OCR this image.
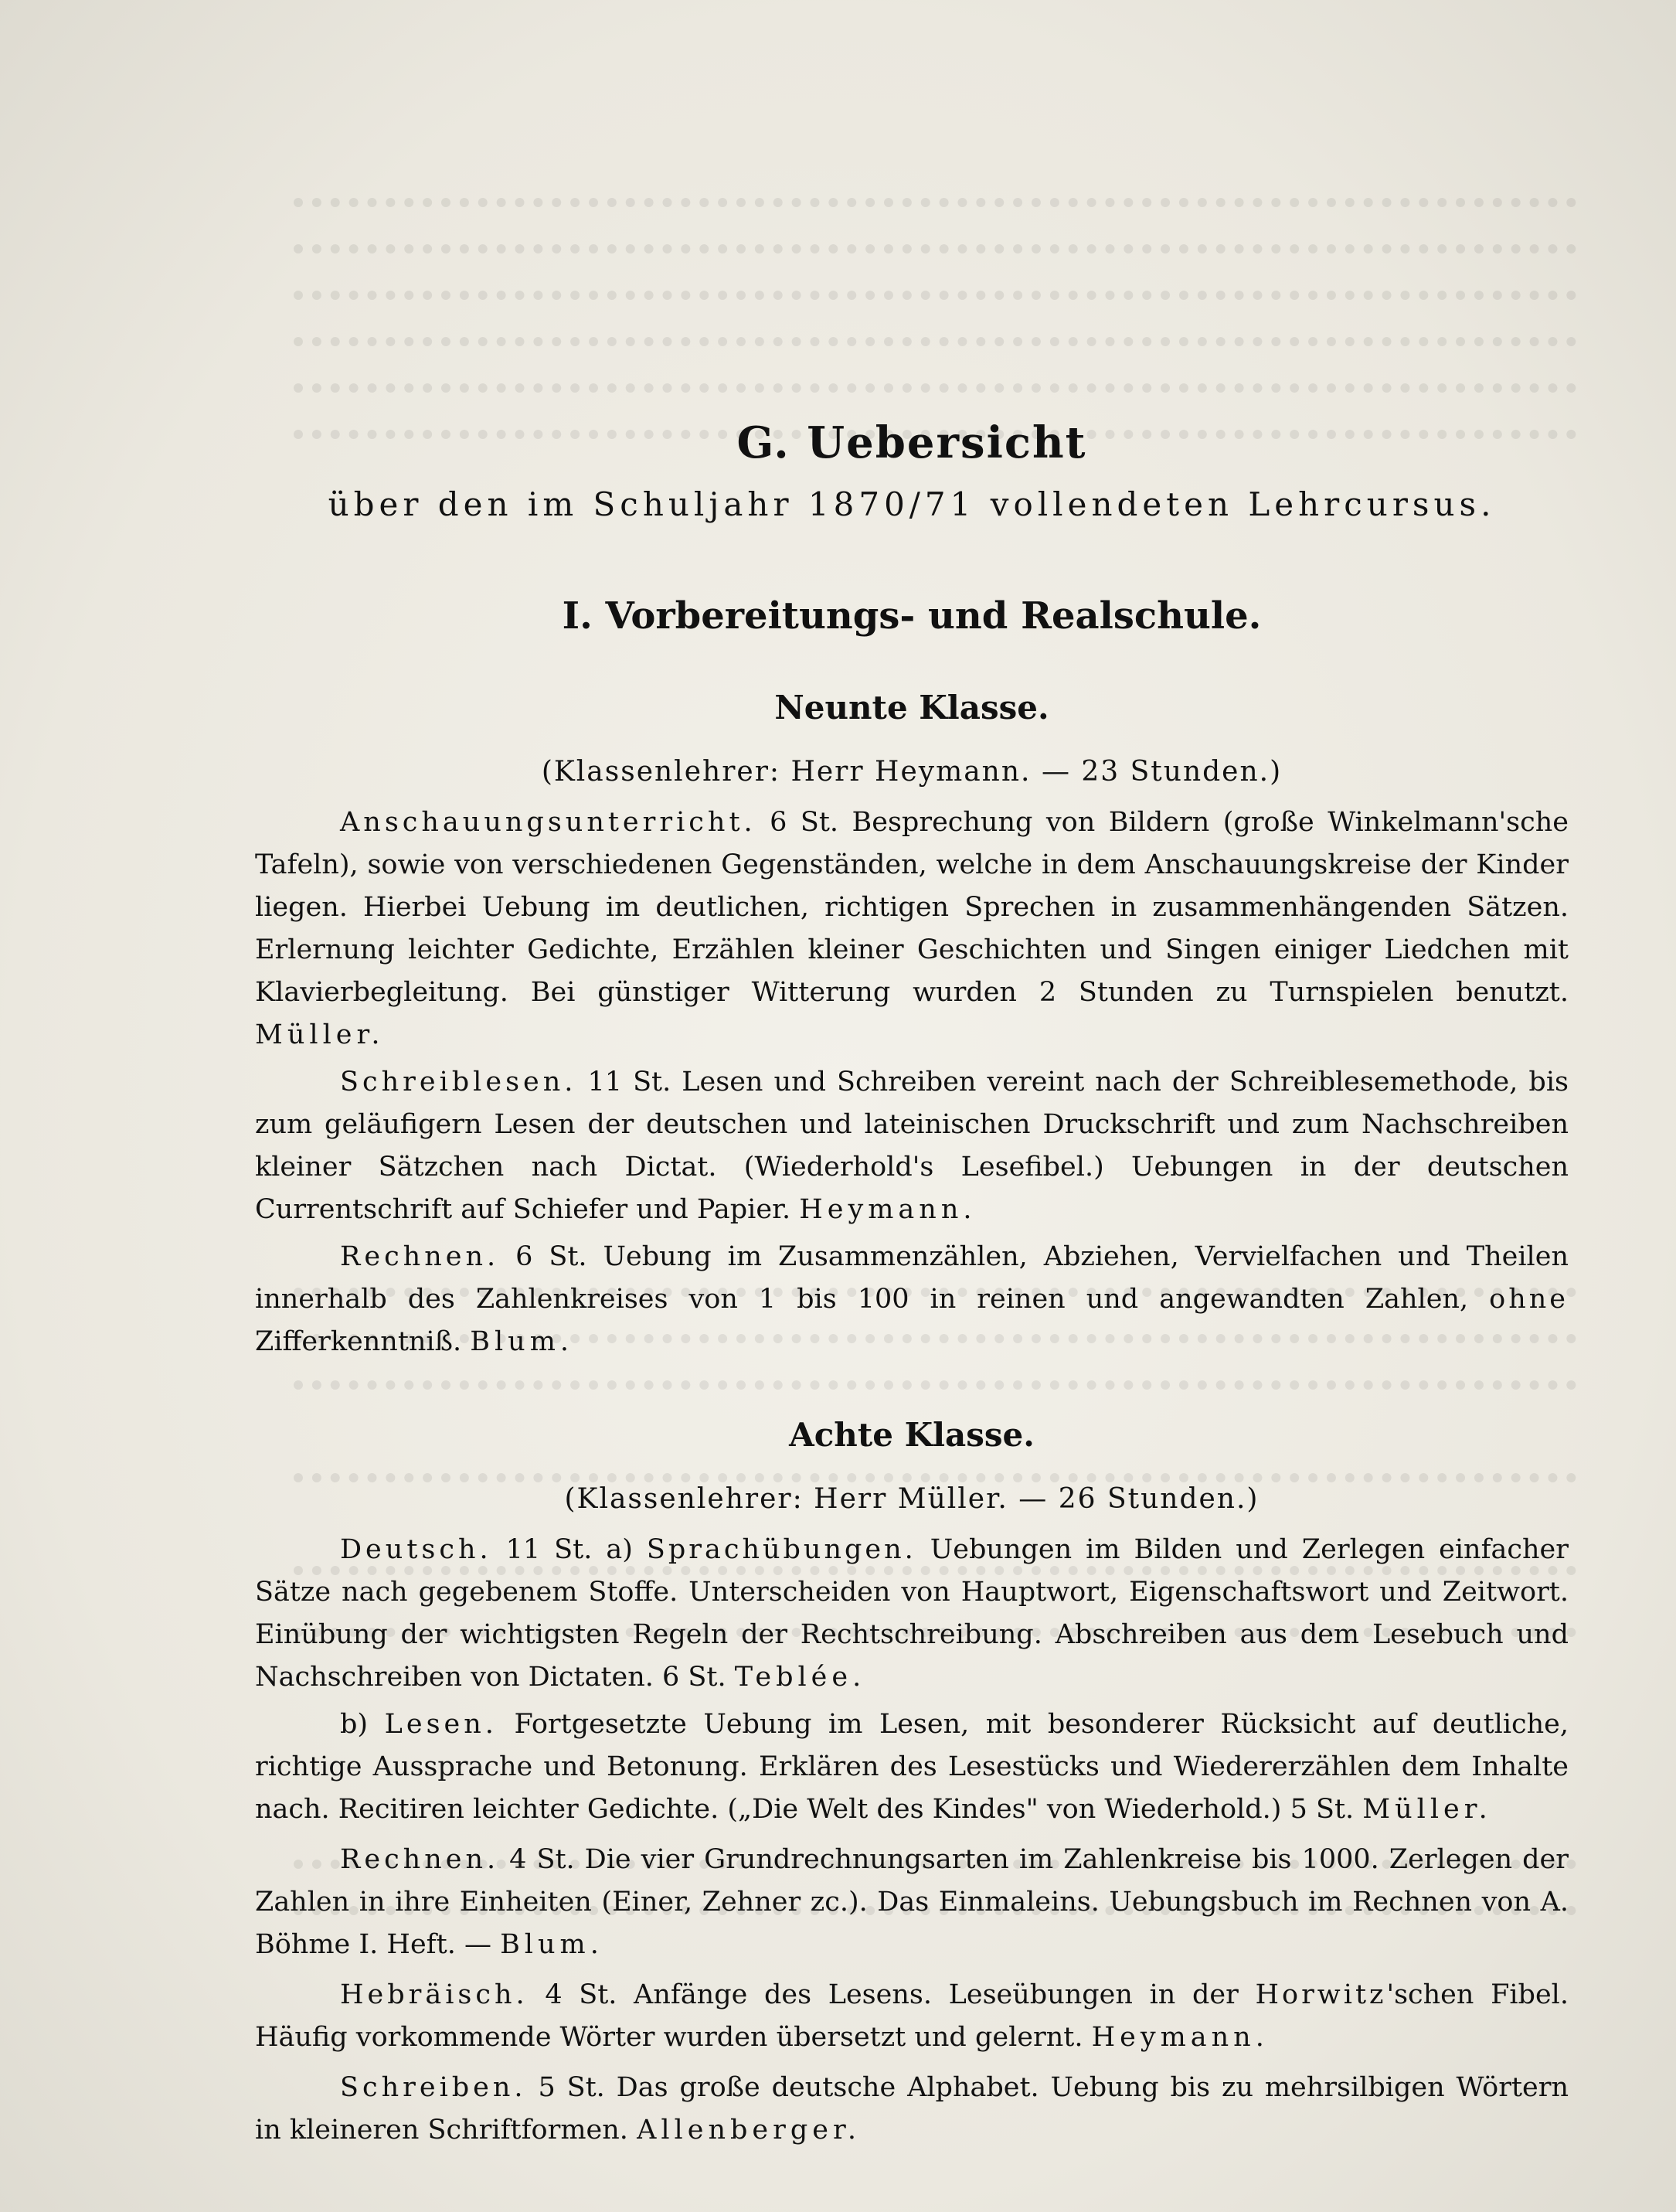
G. Uebersicht
über den im Schuljahr 1870/71 vollendeten Lehrcursus.
I. Vorbereitungs- und Realschule.
Neunte Klasse.
(Klassenlehrer: Herr Heymann. — 23 Stunden.)

Anschauungsunterricht. 6 St. Besprechung von Bildern (große Winkelmann'sche Tafeln), sowie von verschiedenen Gegenständen, welche in dem Anschauungskreise der Kinder liegen. Hierbei Uebung im deutlichen, richtigen Sprechen in zusammenhängenden Sätzen. Erlernung leichter Gedichte, Erzählen kleiner Geschichten und Singen einiger Liedchen mit Klavierbegleitung. Bei günstiger Witterung wurden 2 Stunden zu Turnspielen benutzt. Müller.

Schreiblesen. 11 St. Lesen und Schreiben vereint nach der Schreiblesemethode, bis zum geläufigern Lesen der deutschen und lateinischen Druckschrift und zum Nachschreiben kleiner Sätzchen nach Dictat. (Wiederhold's Lesefibel.) Uebungen in der deutschen Currentschrift auf Schiefer und Papier. Heymann.

Rechnen. 6 St. Uebung im Zusammenzählen, Abziehen, Vervielfachen und Theilen innerhalb des Zahlenkreises von 1 bis 100 in reinen und angewandten Zahlen, ohne Zifferkenntniß. Blum.

Achte Klasse.
(Klassenlehrer: Herr Müller. — 26 Stunden.)

Deutsch. 11 St. a) Sprachübungen. Uebungen im Bilden und Zerlegen einfacher Sätze nach gegebenem Stoffe. Unterscheiden von Hauptwort, Eigenschaftswort und Zeitwort. Einübung der wichtigsten Regeln der Rechtschreibung. Abschreiben aus dem Lesebuch und Nachschreiben von Dictaten. 6 St. Teblée.

b) Lesen. Fortgesetzte Uebung im Lesen, mit besonderer Rücksicht auf deutliche, richtige Aussprache und Betonung. Erklären des Lesestücks und Wiedererzählen dem Inhalte nach. Recitiren leichter Gedichte. („Die Welt des Kindes" von Wiederhold.) 5 St. Müller.

Rechnen. 4 St. Die vier Grundrechnungsarten im Zahlenkreise bis 1000. Zerlegen der Zahlen in ihre Einheiten (Einer, Zehner zc.). Das Einmaleins. Uebungsbuch im Rechnen von A. Böhme I. Heft. — Blum.

Hebräisch. 4 St. Anfänge des Lesens. Leseübungen in der Horwitz'schen Fibel. Häufig vorkommende Wörter wurden übersetzt und gelernt. Heymann.

Schreiben. 5 St. Das große deutsche Alphabet. Uebung bis zu mehrsilbigen Wörtern in kleineren Schriftformen. Allenberger.
